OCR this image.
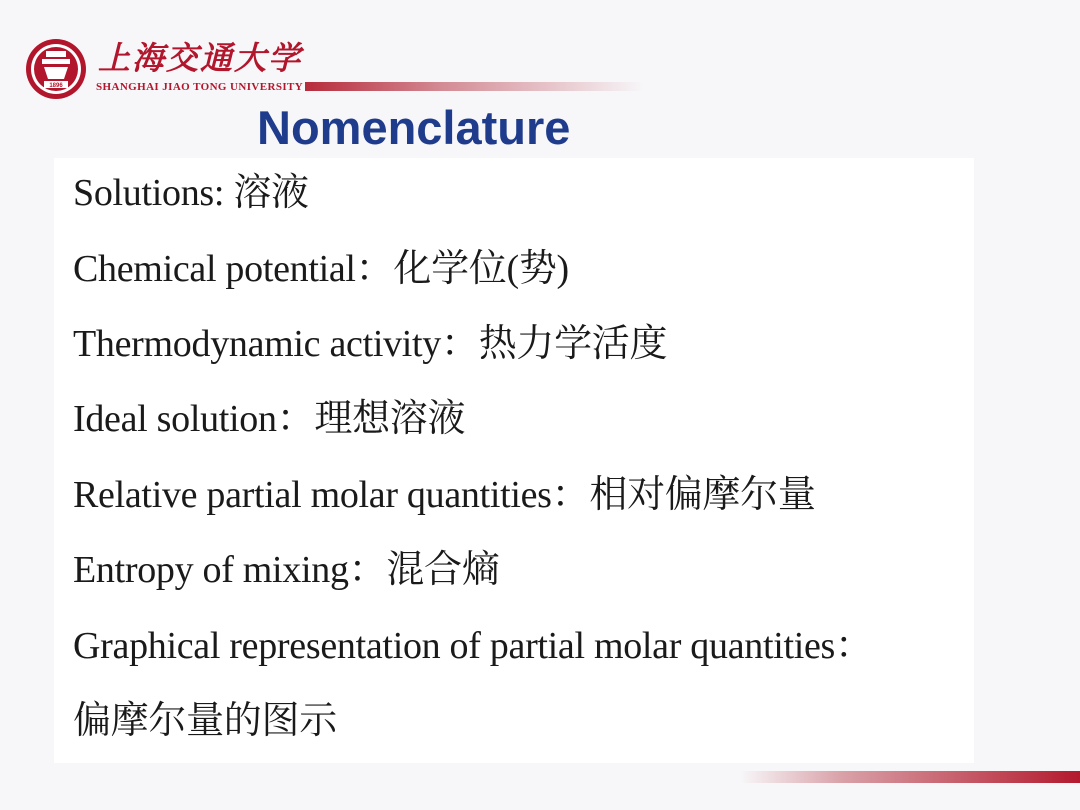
1896
上海交通大学
SHANGHAI JIAO TONG UNIVERSITY
Nomenclature
Solutions: 溶液
Chemical potential：化学位(势)
Thermodynamic activity：热力学活度
Ideal solution：理想溶液
Relative partial molar quantities：相对偏摩尔量
Entropy of mixing：混合熵
Graphical representation of partial molar quantities：
偏摩尔量的图示
